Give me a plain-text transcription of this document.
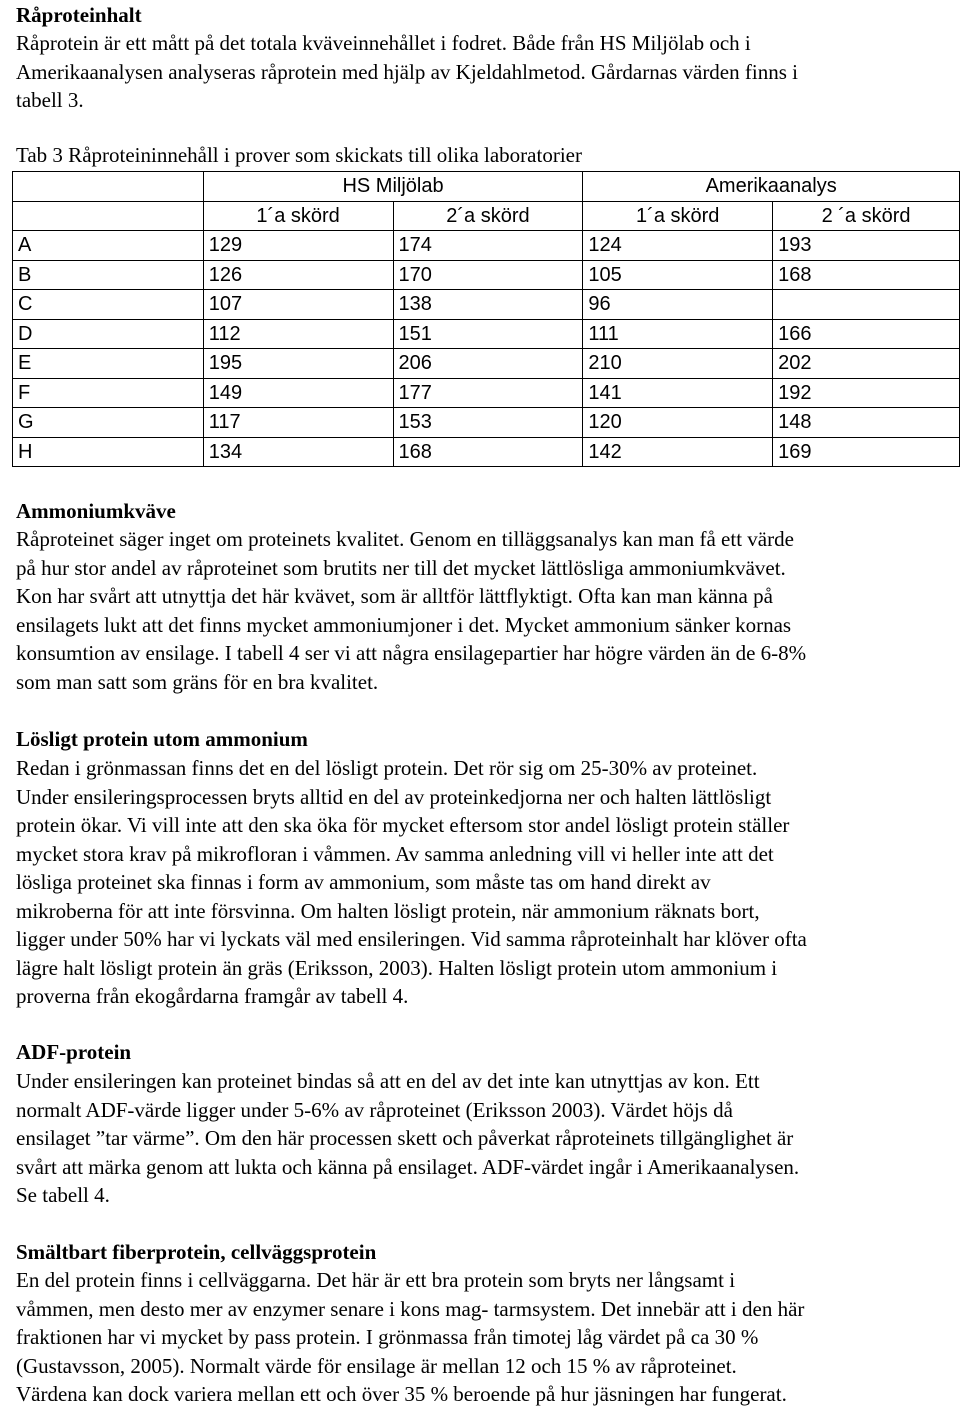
Råproteinhalt
Råprotein är ett mått på det totala kväveinnehållet i fodret. Både från HS Miljölab och i
Amerikaanalysen analyseras råprotein med hjälp av Kjeldahlmetod. Gårdarnas värden finns i
tabell 3.
Tab 3 Råproteininnehåll i prover som skickats till olika laboratorier
	HS Miljölab		Amerikaanalys	
	1´a skörd	2´a skörd	1´a skörd	2 ´a skörd
A	129	174	124	193
B	126	170	105	168
C	107	138	96	
D	112	151	111	166
E	195	206	210	202
F	149	177	141	192
G	117	153	120	148
H	134	168	142	169
Ammoniumkväve
Råproteinet säger inget om proteinets kvalitet. Genom en tilläggsanalys kan man få ett värde
på hur stor andel av råproteinet som brutits ner till det mycket lättlösliga ammoniumkvävet.
Kon har svårt att utnyttja det här kvävet, som är alltför lättflyktigt. Ofta kan man känna på
ensilagets lukt att det finns mycket ammoniumjoner i det. Mycket ammonium sänker kornas
konsumtion av ensilage. I tabell 4 ser vi att några ensilagepartier har högre värden än de 6-8%
som man satt som gräns för en bra kvalitet.
Lösligt protein utom ammonium
Redan i grönmassan finns det en del lösligt protein. Det rör sig om 25-30% av proteinet.
Under ensileringsprocessen bryts alltid en del av proteinkedjorna ner och halten lättlösligt
protein ökar. Vi vill inte att den ska öka för mycket eftersom stor andel lösligt protein ställer
mycket stora krav på mikrofloran i våmmen. Av samma anledning vill vi heller inte att det
lösliga proteinet ska finnas i form av ammonium, som måste tas om hand direkt av
mikroberna för att inte försvinna. Om halten lösligt protein, när ammonium räknats bort,
ligger under 50% har vi lyckats väl med ensileringen. Vid samma råproteinhalt har klöver ofta
lägre halt lösligt protein än gräs (Eriksson, 2003). Halten lösligt protein utom ammonium i
proverna från ekogårdarna framgår av tabell 4.
ADF-protein
Under ensileringen kan proteinet bindas så att en del av det inte kan utnyttjas av kon. Ett
normalt ADF-värde ligger under 5-6% av råproteinet (Eriksson 2003). Värdet höjs då
ensilaget ”tar värme”. Om den här processen skett och påverkat råproteinets tillgänglighet är
svårt att märka genom att lukta och känna på ensilaget. ADF-värdet ingår i Amerikaanalysen.
Se tabell 4.
Smältbart fiberprotein, cellväggsprotein
En del protein finns i cellväggarna. Det här är ett bra protein som bryts ner långsamt i
våmmen, men desto mer av enzymer senare i kons mag- tarmsystem. Det innebär att i den här
fraktionen har vi mycket by pass protein. I grönmassa från timotej låg värdet på ca 30 %
(Gustavsson, 2005). Normalt värde för ensilage är mellan 12 och 15 % av råproteinet.
Värdena kan dock variera mellan ett och över 35 % beroende på hur jäsningen har fungerat.
